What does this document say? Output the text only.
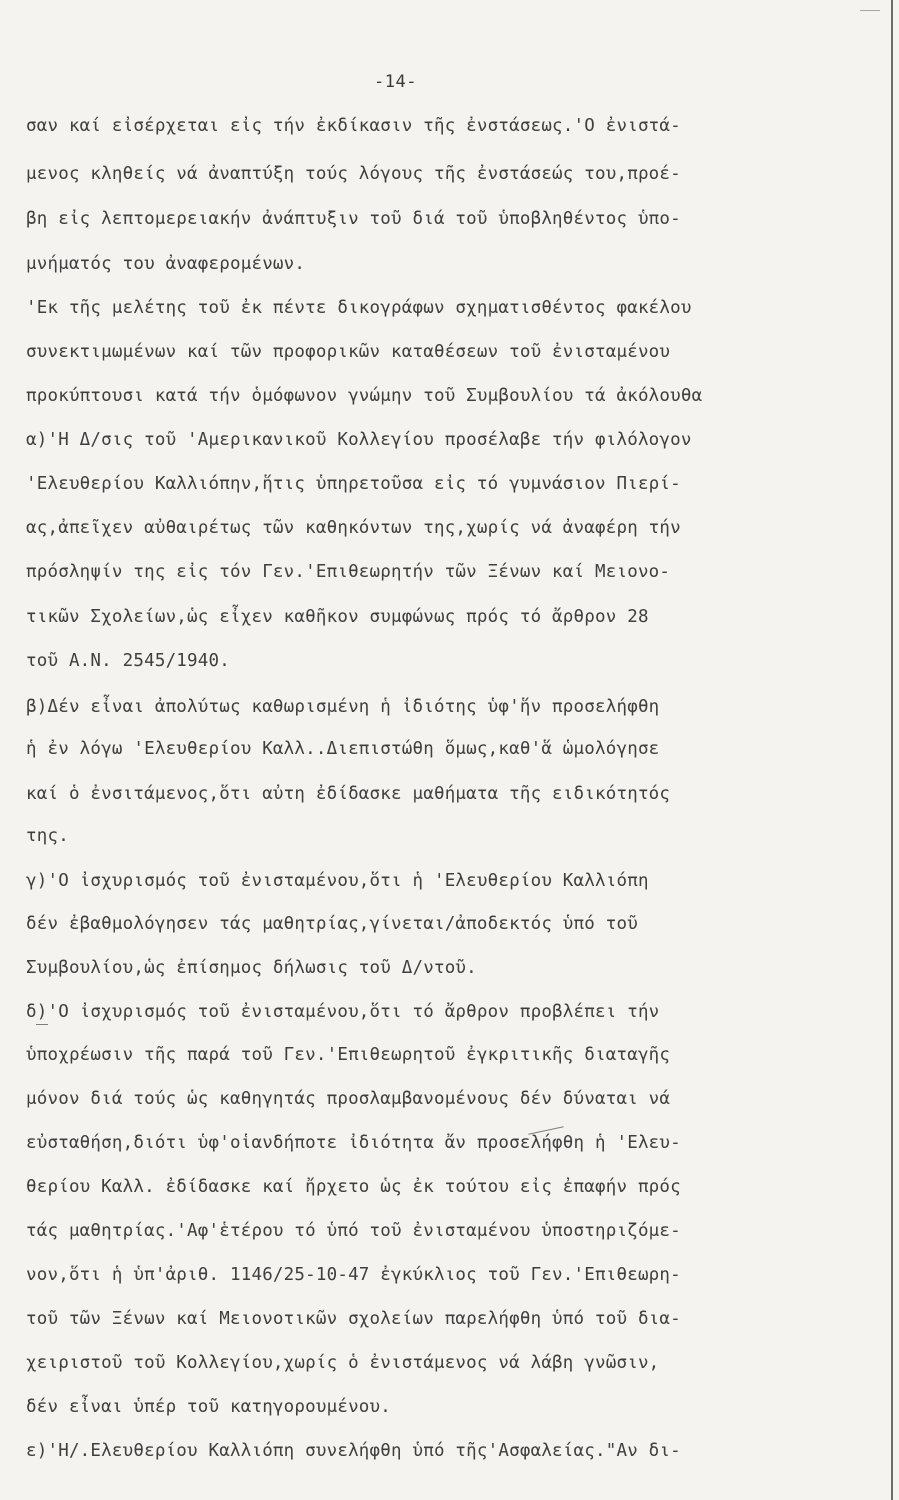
-14-
σαν καί εἰσέρχεται εἰς τήν ἐκδίκασιν τῆς ἐνστάσεως.'Ο ἐνιστά-
μενος κληθείς νά ἀναπτύξη τούς λόγους τῆς ἐνστάσεώς του,προέ-
βη εἰς λεπτομερειακήν ἀνάπτυξιν τοῦ διά τοῦ ὑποβληθέντος ὑπο-
μνήματός του ἀναφερομένων.
'Εκ τῆς μελέτης τοῦ ἐκ πέντε δικογράφων σχηματισθέντος φακέλου
συνεκτιμωμένων καί τῶν προφορικῶν καταθέσεων τοῦ ἐνισταμένου
προκύπτουσι κατά τήν ὁμόφωνον γνώμην τοῦ Συμβουλίου τά ἀκόλουθα
α)'Η Δ/σις τοῦ 'Αμερικανικοῦ Κολλεγίου προσέλαβε τήν φιλόλογον
'Ελευθερίου Καλλιόπην,ἥτις ὑπηρετοῦσα εἰς τό γυμνάσιον Πιερί-
ας,ἀπεῖχεν αὐθαιρέτως τῶν καθηκόντων της,χωρίς νά ἀναφέρη τήν
πρόσληψίν της εἰς τόν Γεν.'Επιθεωρητήν τῶν Ξένων καί Μειονο-
τικῶν Σχολείων,ὡς εἶχεν καθῆκον συμφώνως πρός τό ἄρθρον 28
τοῦ Α.Ν. 2545/1940.
β)Δέν εἶναι ἀπολύτως καθωρισμένη ἡ ἰδιότης ὑφ'ἥν προσελήφθη
ἡ ἐν λόγω 'Ελευθερίου Καλλ..Διεπιστώθη ὅμως,καθ'ἅ ὡμολόγησε
καί ὁ ἐνσιτάμενος,ὅτι αὐτη ἐδίδασκε μαθήματα τῆς ειδικότητός
της.
γ)'Ο ἰσχυρισμός τοῦ ἐνισταμένου,ὅτι ἡ 'Ελευθερίου Καλλιόπη
δέν ἐβαθμολόγησεν τάς μαθητρίας,γίνεται/ἀποδεκτός ὑπό τοῦ
Συμβουλίου,ὡς ἐπίσημος δήλωσις τοῦ Δ/ντοῦ.
δ)'Ο ἰσχυρισμός τοῦ ἐνισταμένου,ὅτι τό ἄρθρον προβλέπει τήν
ὑποχρέωσιν τῆς παρά τοῦ Γεν.'Επιθεωρητοῦ ἐγκριτικῆς διαταγῆς
μόνον διά τούς ὡς καθηγητάς προσλαμβανομένους δέν δύναται νά
εὐσταθήση,διότι ὑφ'οἱανδήποτε ἰδιότητα ἄν προσελήφθη ἡ 'Ελευ-
θερίου Καλλ. ἐδίδασκε καί ἤρχετο ὡς ἐκ τούτου εἰς ἐπαφήν πρός
τάς μαθητρίας.'Αφ'ἑτέρου τό ὑπό τοῦ ἐνισταμένου ὑποστηριζόμε-
νον,ὅτι ἡ ὑπ'ἀριθ. 1146/25-10-47 ἐγκύκλιος τοῦ Γεν.'Επιθεωρη-
τοῦ τῶν Ξένων καί Μειονοτικῶν σχολείων παρελήφθη ὑπό τοῦ δια-
χειριστοῦ τοῦ Κολλεγίου,χωρίς ὁ ἐνιστάμενος νά λάβη γνῶσιν,
δέν εἶναι ὑπέρ τοῦ κατηγορουμένου.
ε)'Η/.Ελευθερίου Καλλιόπη συνελήφθη ὑπό τῆς'Ασφαλείας."Αν δι-
